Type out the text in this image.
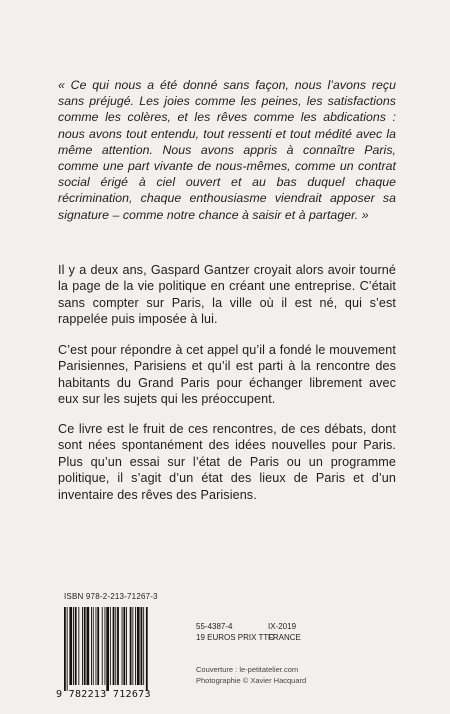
« Ce qui nous a été donné sans façon, nous l’avons reçu sans préjugé. Les joies comme les peines, les satisfactions comme les colères, et les rêves comme les abdications : nous avons tout entendu, tout ressenti et tout médité avec la même attention. Nous avons appris à connaître Paris, comme une part vivante de nous-mêmes, comme un contrat social érigé à ciel ouvert et au bas duquel chaque récrimination, chaque enthousiasme viendrait apposer sa signature – comme notre chance à saisir et à partager. »
Il y a deux ans, Gaspard Gantzer croyait alors avoir tourné la page de la vie politique en créant une entreprise. C’était sans compter sur Paris, la ville où il est né, qui s’est rappelée puis imposée à lui.
C’est pour répondre à cet appel qu’il a fondé le mouvement Parisiennes, Parisiens et qu’il est parti à la rencontre des habitants du Grand Paris pour échanger librement avec eux sur les sujets qui les préoccupent.
Ce livre est le fruit de ces rencontres, de ces débats, dont sont nées spontanément des idées nouvelles pour Paris. Plus qu’un essai sur l’état de Paris ou un programme politique, il s’agit d’un état des lieux de Paris et d’un inventaire des rêves des Parisiens.
ISBN 978-2-213-71267-3
9 782213 712673
55-4387-4	IX-2019
19 EUROS PRIX TTC
FRANCE
Couverture : le-petitatelier.com
Photographie © Xavier Hacquard
